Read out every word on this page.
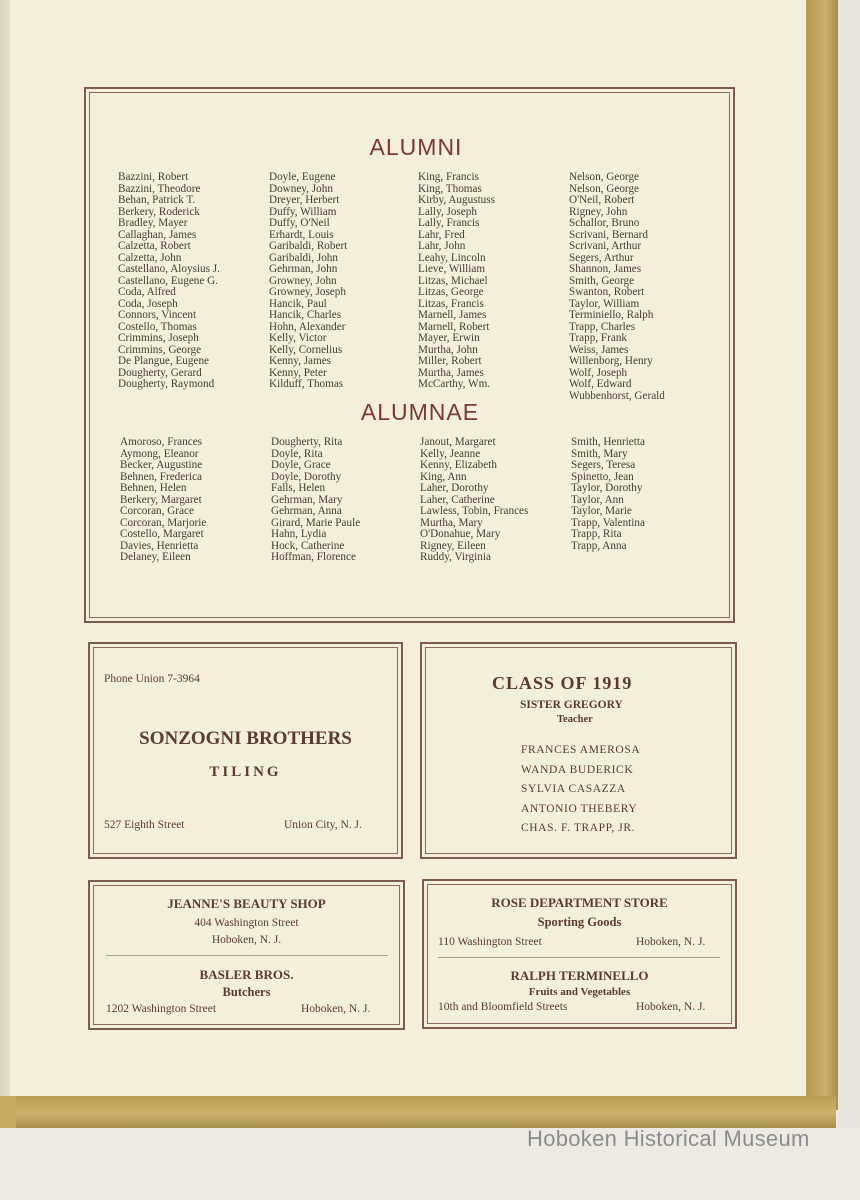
Hoboken Historical Museum
ALUMNI
Bazzini, Robert
Bazzini, Theodore
Behan, Patrick T.
Berkery, Roderick
Bradley, Mayer
Callaghan, James
Calzetta, Robert
Calzetta, John
Castellano, Aloysius J.
Castellano, Eugene G.
Coda, Alfred
Coda, Joseph
Connors, Vincent
Costello, Thomas
Crimmins, Joseph
Crimmins, George
De Plangue, Eugene
Dougherty, Gerard
Dougherty, Raymond
Doyle, Eugene
Downey, John
Dreyer, Herbert
Duffy, William
Duffy, O'Neil
Erhardt, Louis
Garibaldi, Robert
Garibaldi, John
Gehrman, John
Growney, John
Growney, Joseph
Hancik, Paul
Hancik, Charles
Hohn, Alexander
Kelly, Victor
Kelly, Cornelius
Kenny, James
Kenny, Peter
Kilduff, Thomas
King, Francis
King, Thomas
Kirby, Augustuss
Lally, Joseph
Lally, Francis
Lahr, Fred
Lahr, John
Leahy, Lincoln
Lieve, William
Litzas, Michael
Litzas, George
Litzas, Francis
Marnell, James
Marnell, Robert
Mayer, Erwin
Murtha, John
Miller, Robert
Murtha, James
McCarthy, Wm.
Nelson, George
Nelson, George
O'Neil, Robert
Rigney, John
Schallor, Bruno
Scrivani, Bernard
Scrivani, Arthur
Segers, Arthur
Shannon, James
Smith, George
Swanton, Robert
Taylor, William
Terminiello, Ralph
Trapp, Charles
Trapp, Frank
Weiss, James
Willenborg, Henry
Wolf, Joseph
Wolf, Edward
Wubbenhorst, Gerald
ALUMNAE
Amoroso, Frances
Aymong, Eleanor
Becker, Augustine
Behnen, Frederica
Behnen, Helen
Berkery, Margaret
Corcoran, Grace
Corcoran, Marjorie
Costello, Margaret
Davies, Henrietta
Delaney, Eileen
Dougherty, Rita
Doyle, Rita
Doyle, Grace
Doyle, Dorothy
Falls, Helen
Gehrman, Mary
Gehrman, Anna
Girard, Marie Paule
Hahn, Lydia
Hock, Catherine
Hoffman, Florence
Janout, Margaret
Kelly, Jeanne
Kenny, Elizabeth
King, Ann
Laher, Dorothy
Laher, Catherine
Lawless, Tobin, Frances
Murtha, Mary
O'Donahue, Mary
Rigney, Eileen
Ruddy, Virginia
Smith, Henrietta
Smith, Mary
Segers, Teresa
Spinetto, Jean
Taylor, Dorothy
Taylor, Ann
Taylor, Marie
Trapp, Valentina
Trapp, Rita
Trapp, Anna
Phone Union 7-3964
SONZOGNI BROTHERS
TILING
527 Eighth Street	Union City, N. J.
CLASS OF 1919
SISTER GREGORY
Teacher
FRANCES AMEROSA
WANDA BUDERICK
SYLVIA CASAZZA
ANTONIO THEBERY
CHAS. F. TRAPP, JR.
JEANNE'S BEAUTY SHOP
404 Washington Street
Hoboken, N. J.
BASLER BROS.
Butchers
1202 Washington Street	Hoboken, N. J.
ROSE DEPARTMENT STORE
Sporting Goods
110 Washington Street	Hoboken, N. J.
RALPH TERMINELLO
Fruits and Vegetables
10th and Bloomfield Streets	Hoboken, N. J.
